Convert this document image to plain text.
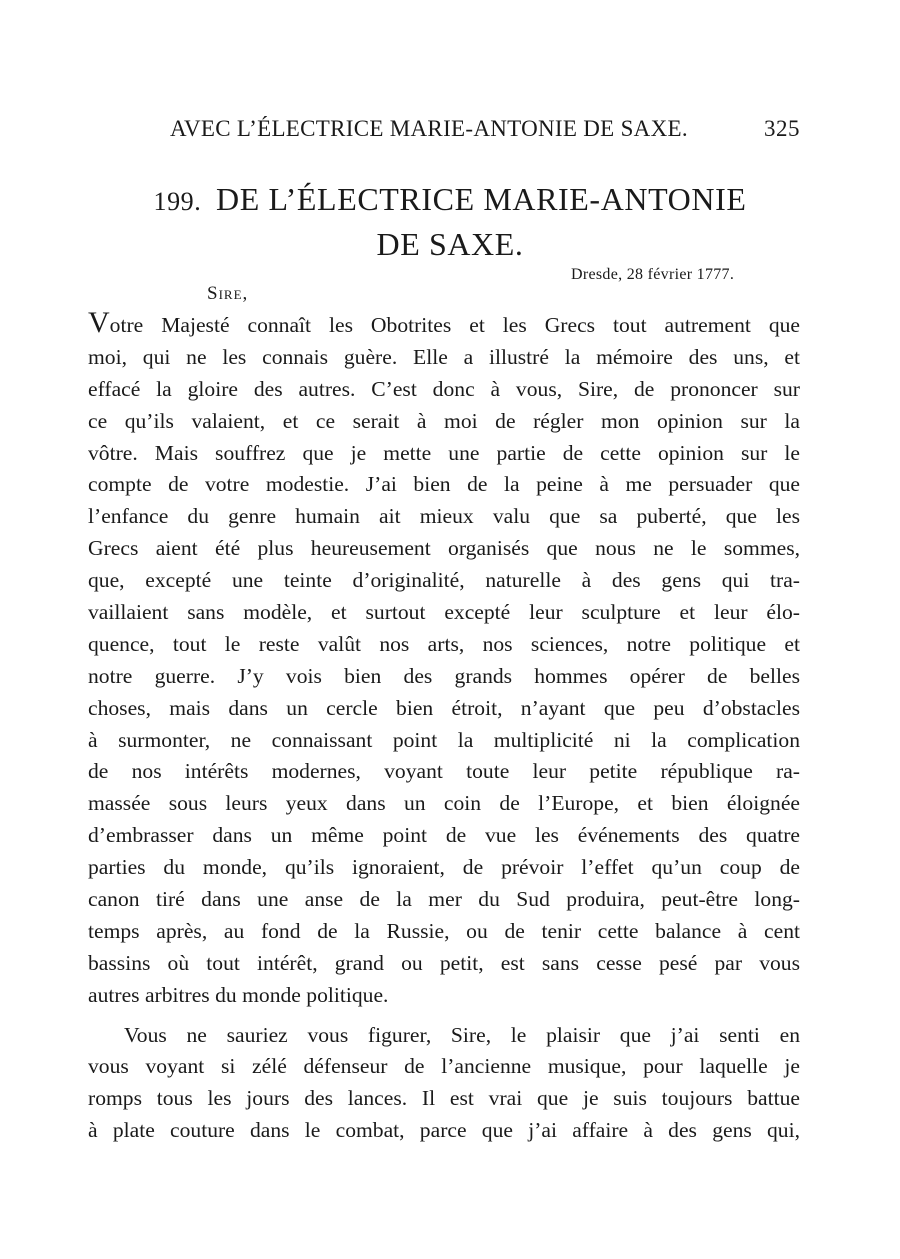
AVEC L’ÉLECTRICE MARIE-ANTONIE DE SAXE.	325
199. DE L’ÉLECTRICE MARIE-ANTONIE
DE SAXE.
Dresde, 28 février 1777.
Sire,
Votre Majesté connaît les Obotrites et les Grecs tout autrement que
moi, qui ne les connais guère. Elle a illustré la mémoire des uns, et
effacé la gloire des autres. C’est donc à vous, Sire, de prononcer sur
ce qu’ils valaient, et ce serait à moi de régler mon opinion sur la
vôtre. Mais souffrez que je mette une partie de cette opinion sur le
compte de votre modestie. J’ai bien de la peine à me persuader que
l’enfance du genre humain ait mieux valu que sa puberté, que les
Grecs aient été plus heureusement organisés que nous ne le sommes,
que, excepté une teinte d’originalité, naturelle à des gens qui tra-
vaillaient sans modèle, et surtout excepté leur sculpture et leur élo-
quence, tout le reste valût nos arts, nos sciences, notre politique et
notre guerre. J’y vois bien des grands hommes opérer de belles
choses, mais dans un cercle bien étroit, n’ayant que peu d’obstacles
à surmonter, ne connaissant point la multiplicité ni la complication
de nos intérêts modernes, voyant toute leur petite république ra-
massée sous leurs yeux dans un coin de l’Europe, et bien éloignée
d’embrasser dans un même point de vue les événements des quatre
parties du monde, qu’ils ignoraient, de prévoir l’effet qu’un coup de
canon tiré dans une anse de la mer du Sud produira, peut-être long-
temps après, au fond de la Russie, ou de tenir cette balance à cent
bassins où tout intérêt, grand ou petit, est sans cesse pesé par vous
autres arbitres du monde politique.
Vous ne sauriez vous figurer, Sire, le plaisir que j’ai senti en
vous voyant si zélé défenseur de l’ancienne musique, pour laquelle je
romps tous les jours des lances. Il est vrai que je suis toujours battue
à plate couture dans le combat, parce que j’ai affaire à des gens qui,
